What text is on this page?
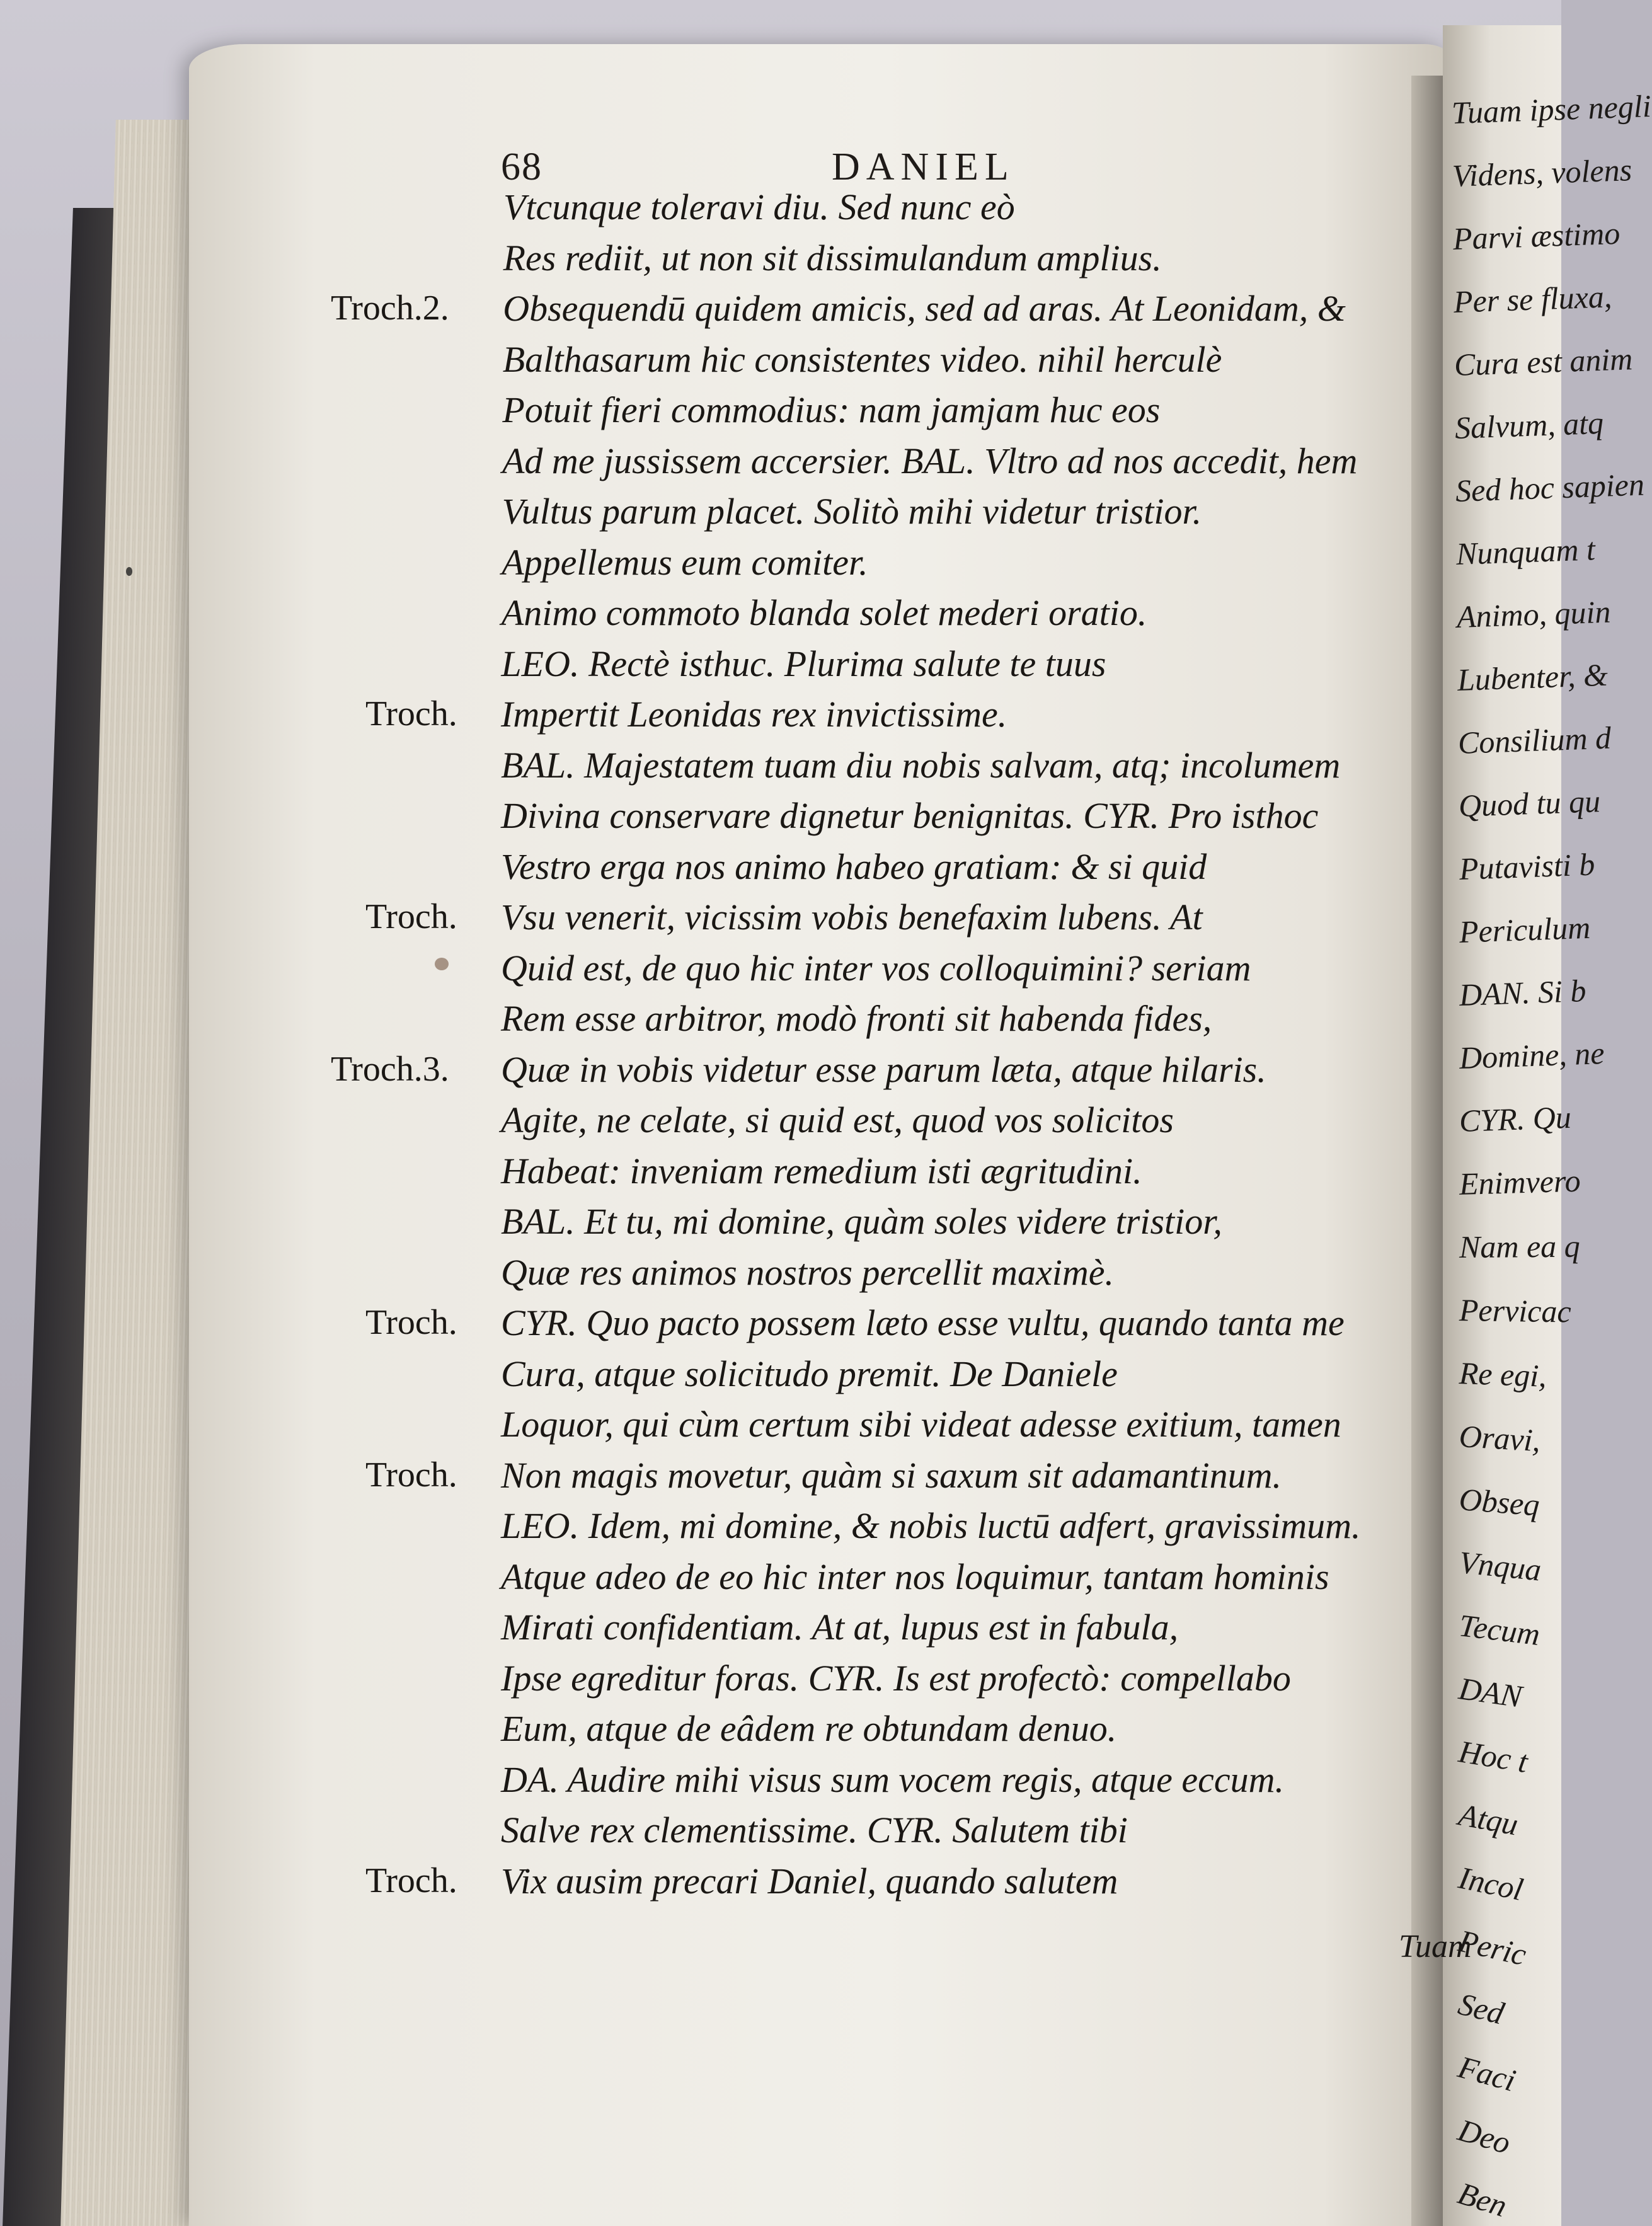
Tuam ipse negli
Videns, volens
Parvi æstimo
Per se fluxa,
Cura est anim
Salvum, atq
Sed hoc sapien
Nunquam t
Animo, quin
Lubenter, &
Consilium d
Quod tu qu
Putavisti b
Periculum
DAN. Si b
Domine, ne
CYR. Qu
Enimvero
Nam ea q
Pervicac
Re egi,
Oravi,
Obseq
Vnqua
Tecum
DAN
Hoc t
Atqu
Incol
Peric
Sed
Faci
Deo
Ben
68	DANIEL
Vtcunque toleravi diu. Sed nunc eò
Res rediit, ut non sit dissimulandum amplius.
Obsequendū quidem amicis, sed ad aras. At Leonidam, &
Balthasarum hic consistentes video. nihil herculè
Potuit fieri commodius: nam jamjam huc eos
Ad me jussissem accersier. BAL. Vltro ad nos accedit, hem
Vultus parum placet. Solitò mihi videtur tristior.
Appellemus eum comiter.
Animo commoto blanda solet mederi oratio.
LEO. Rectè isthuc. Plurima salute te tuus
Impertit Leonidas rex invictissime.
BAL. Majestatem tuam diu nobis salvam, atq; incolumem
Divina conservare dignetur benignitas. CYR. Pro isthoc
Vestro erga nos animo habeo gratiam: & si quid
Vsu venerit, vicissim vobis benefaxim lubens. At
Quid est, de quo hic inter vos colloquimini? seriam
Rem esse arbitror, modò fronti sit habenda fides,
Quæ in vobis videtur esse parum læta, atque hilaris.
Agite, ne celate, si quid est, quod vos solicitos
Habeat: inveniam remedium isti ægritudini.
BAL. Et tu, mi domine, quàm soles videre tristior,
Quæ res animos nostros percellit maximè.
CYR. Quo pacto possem læto esse vultu, quando tanta me
Cura, atque solicitudo premit. De Daniele
Loquor, qui cùm certum sibi videat adesse exitium, tamen
Non magis movetur, quàm si saxum sit adamantinum.
LEO. Idem, mi domine, & nobis luctū adfert, gravissimum.
Atque adeo de eo hic inter nos loquimur, tantam hominis
Mirati confidentiam. At at, lupus est in fabula,
Ipse egreditur foras. CYR. Is est profectò: compellabo
Eum, atque de eâdem re obtundam denuo.
DA. Audire mihi visus sum vocem regis, atque eccum.
Salve rex clementissime. CYR. Salutem tibi
Vix ausim precari Daniel, quando salutem
Troch.2.
Troch.
Troch.
Troch.3.
Troch.
Troch.
Troch.
Tuam
